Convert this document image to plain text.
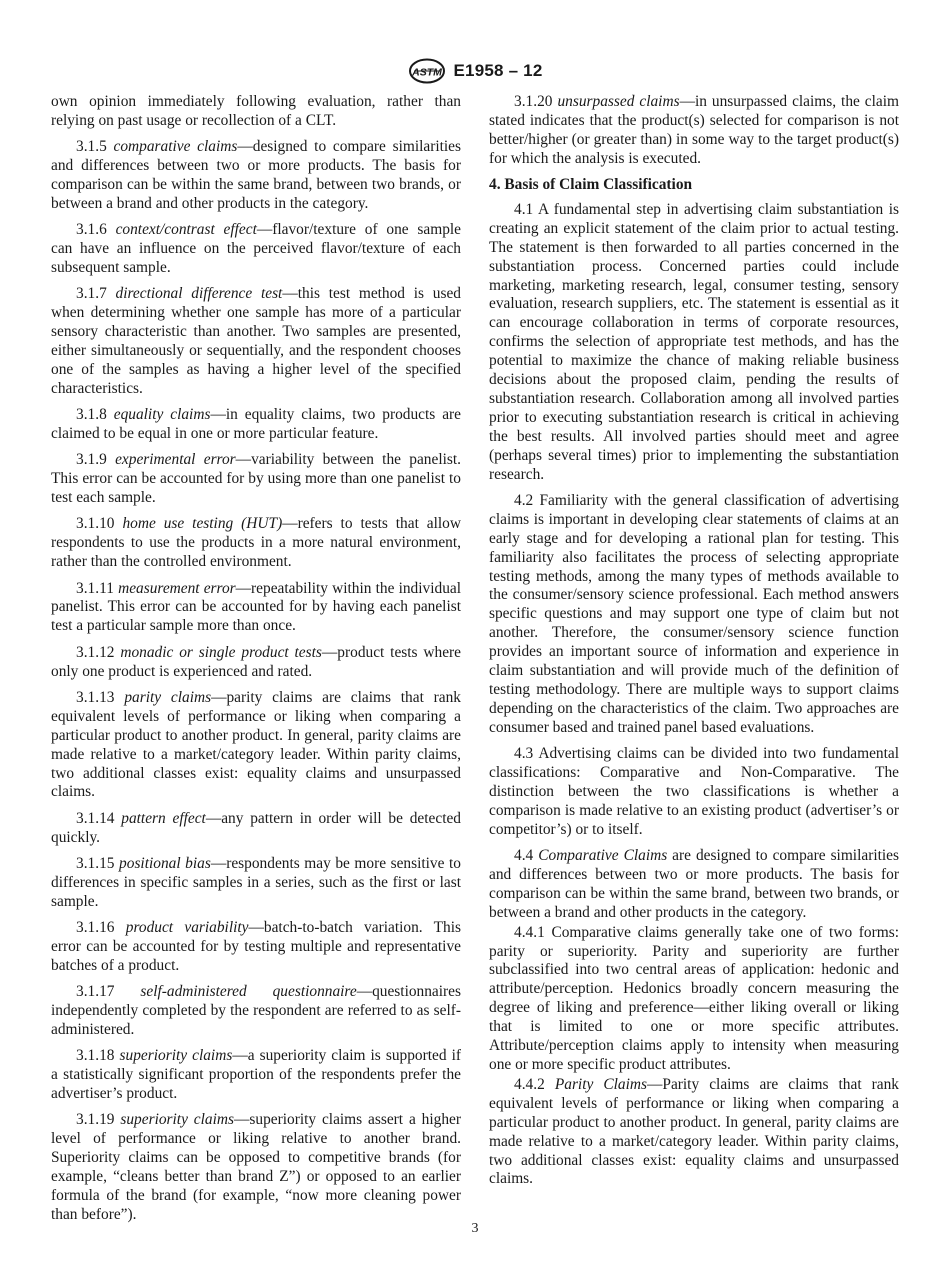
ASTM E1958 – 12

own opinion immediately following evaluation, rather than relying on past usage or recollection of a CLT.

3.1.5 comparative claims—designed to compare similarities and differences between two or more products. The basis for comparison can be within the same brand, between two brands, or between a brand and other products in the category.

3.1.6 context/contrast effect—flavor/texture of one sample can have an influence on the perceived flavor/texture of each subsequent sample.

3.1.7 directional difference test—this test method is used when determining whether one sample has more of a particular sensory characteristic than another. Two samples are presented, either simultaneously or sequentially, and the respondent chooses one of the samples as having a higher level of the specified characteristics.

3.1.8 equality claims—in equality claims, two products are claimed to be equal in one or more particular feature.

3.1.9 experimental error—variability between the panelist. This error can be accounted for by using more than one panelist to test each sample.

3.1.10 home use testing (HUT)—refers to tests that allow respondents to use the products in a more natural environment, rather than the controlled environment.

3.1.11 measurement error—repeatability within the individual panelist. This error can be accounted for by having each panelist test a particular sample more than once.

3.1.12 monadic or single product tests—product tests where only one product is experienced and rated.

3.1.13 parity claims—parity claims are claims that rank equivalent levels of performance or liking when comparing a particular product to another product. In general, parity claims are made relative to a market/category leader. Within parity claims, two additional classes exist: equality claims and unsurpassed claims.

3.1.14 pattern effect—any pattern in order will be detected quickly.

3.1.15 positional bias—respondents may be more sensitive to differences in specific samples in a series, such as the first or last sample.

3.1.16 product variability—batch-to-batch variation. This error can be accounted for by testing multiple and representative batches of a product.

3.1.17 self-administered questionnaire—questionnaires independently completed by the respondent are referred to as self-administered.

3.1.18 superiority claims—a superiority claim is supported if a statistically significant proportion of the respondents prefer the advertiser’s product.

3.1.19 superiority claims—superiority claims assert a higher level of performance or liking relative to another brand. Superiority claims can be opposed to competitive brands (for example, “cleans better than brand Z”) or opposed to an earlier formula of the brand (for example, “now more cleaning power than before”).

3.1.20 unsurpassed claims—in unsurpassed claims, the claim stated indicates that the product(s) selected for comparison is not better/higher (or greater than) in some way to the target product(s) for which the analysis is executed.

4. Basis of Claim Classification

4.1 A fundamental step in advertising claim substantiation is creating an explicit statement of the claim prior to actual testing. The statement is then forwarded to all parties concerned in the substantiation process. Concerned parties could include marketing, marketing research, legal, consumer testing, sensory evaluation, research suppliers, etc. The statement is essential as it can encourage collaboration in terms of corporate resources, confirms the selection of appropriate test methods, and has the potential to maximize the chance of making reliable business decisions about the proposed claim, pending the results of substantiation research. Collaboration among all involved parties prior to executing substantiation research is critical in achieving the best results. All involved parties should meet and agree (perhaps several times) prior to implementing the substantiation research.

4.2 Familiarity with the general classification of advertising claims is important in developing clear statements of claims at an early stage and for developing a rational plan for testing. This familiarity also facilitates the process of selecting appropriate testing methods, among the many types of methods available to the consumer/sensory science professional. Each method answers specific questions and may support one type of claim but not another. Therefore, the consumer/sensory science function provides an important source of information and experience in claim substantiation and will provide much of the definition of testing methodology. There are multiple ways to support claims depending on the characteristics of the claim. Two approaches are consumer based and trained panel based evaluations.

4.3 Advertising claims can be divided into two fundamental classifications: Comparative and Non-Comparative. The distinction between the two classifications is whether a comparison is made relative to an existing product (advertiser’s or competitor’s) or to itself.

4.4 Comparative Claims are designed to compare similarities and differences between two or more products. The basis for comparison can be within the same brand, between two brands, or between a brand and other products in the category.

4.4.1 Comparative claims generally take one of two forms: parity or superiority. Parity and superiority are further subclassified into two central areas of application: hedonic and attribute/perception. Hedonics broadly concern measuring the degree of liking and preference—either liking overall or liking that is limited to one or more specific attributes. Attribute/perception claims apply to intensity when measuring one or more specific product attributes.

4.4.2 Parity Claims—Parity claims are claims that rank equivalent levels of performance or liking when comparing a particular product to another product. In general, parity claims are made relative to a market/category leader. Within parity claims, two additional classes exist: equality claims and unsurpassed claims.

3
